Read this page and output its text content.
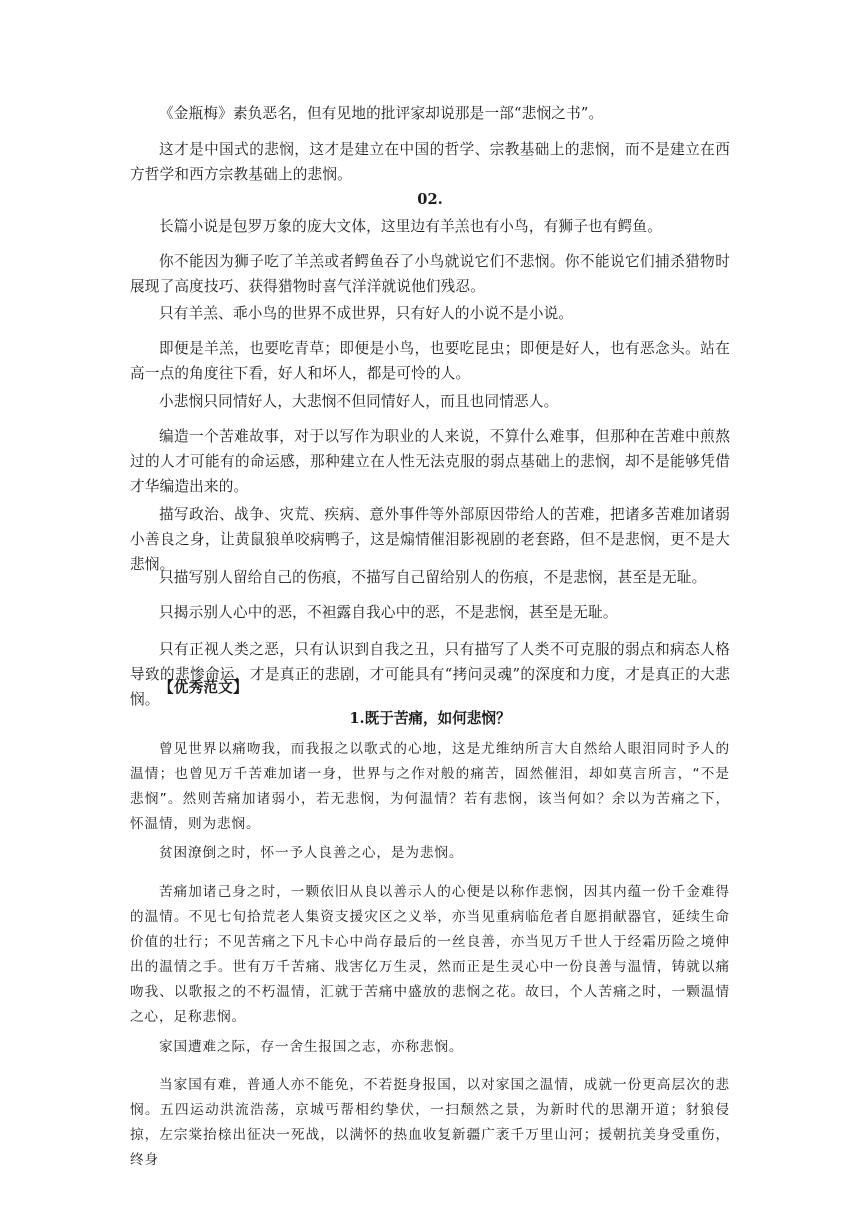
《金瓶梅》素负恶名，但有见地的批评家却说那是一部“悲悯之书”。

这才是中国式的悲悯，这才是建立在中国的哲学、宗教基础上的悲悯，而不是建立在西方哲学和西方宗教基础上的悲悯。

02.

长篇小说是包罗万象的庞大文体，这里边有羊羔也有小鸟，有狮子也有鳄鱼。

你不能因为狮子吃了羊羔或者鳄鱼吞了小鸟就说它们不悲悯。你不能说它们捕杀猎物时展现了高度技巧、获得猎物时喜气洋洋就说他们残忍。

只有羊羔、乖小鸟的世界不成世界，只有好人的小说不是小说。

即便是羊羔，也要吃青草；即便是小鸟，也要吃昆虫；即便是好人，也有恶念头。站在高一点的角度往下看，好人和坏人，都是可怜的人。

小悲悯只同情好人，大悲悯不但同情好人，而且也同情恶人。

编造一个苦难故事，对于以写作为职业的人来说，不算什么难事，但那种在苦难中煎熬过的人才可能有的命运感，那种建立在人性无法克服的弱点基础上的悲悯，却不是能够凭借才华编造出来的。

描写政治、战争、灾荒、疾病、意外事件等外部原因带给人的苦难，把诸多苦难加诸弱小善良之身，让黄鼠狼单咬病鸭子，这是煽情催泪影视剧的老套路，但不是悲悯，更不是大悲悯。

只描写别人留给自己的伤痕，不描写自己留给别人的伤痕，不是悲悯，甚至是无耻。

只揭示别人心中的恶，不袒露自我心中的恶，不是悲悯，甚至是无耻。

只有正视人类之恶，只有认识到自我之丑，只有描写了人类不可克服的弱点和病态人格导致的悲惨命运，才是真正的悲剧，才可能具有“拷问灵魂”的深度和力度，才是真正的大悲悯。

【优秀范文】

1.既于苦痛，如何悲悯？

曾见世界以痛吻我，而我报之以歌式的心地，这是尤维纳所言大自然给人眼泪同时予人的温情；也曾见万千苦难加诸一身，世界与之作对般的痛苦，固然催泪，却如莫言所言，“不是悲悯”。然则苦痛加诸弱小，若无悲悯，为何温情？若有悲悯，该当何如？余以为苦痛之下，怀温情，则为悲悯。

贫困潦倒之时，怀一予人良善之心，是为悲悯。

苦痛加诸己身之时，一颗依旧从良以善示人的心便是以称作悲悯，因其内蕴一份千金难得的温情。不见七旬拾荒老人集资支援灾区之义举，亦当见重病临危者自愿捐献器官，延续生命价值的壮行；不见苦痛之下凡卡心中尚存最后的一丝良善，亦当见万千世人于经霜历险之境伸出的温情之手。世有万千苦痛、戕害亿万生灵，然而正是生灵心中一份良善与温情，铸就以痛吻我、以歌报之的不朽温情，汇就于苦痛中盛放的悲悯之花。故曰，个人苦痛之时，一颗温情之心，足称悲悯。

家国遭难之际，存一舍生报国之志，亦称悲悯。

当家国有难，普通人亦不能免，不若挺身报国，以对家国之温情，成就一份更高层次的悲悯。五四运动洪流浩荡，京城丐帮相约挚伏，一扫颓然之景，为新时代的思潮开道；豺狼侵掠，左宗棠抬榇出征决一死战，以满怀的热血收复新疆广袤千万里山河；援朝抗美身受重伤，终身
